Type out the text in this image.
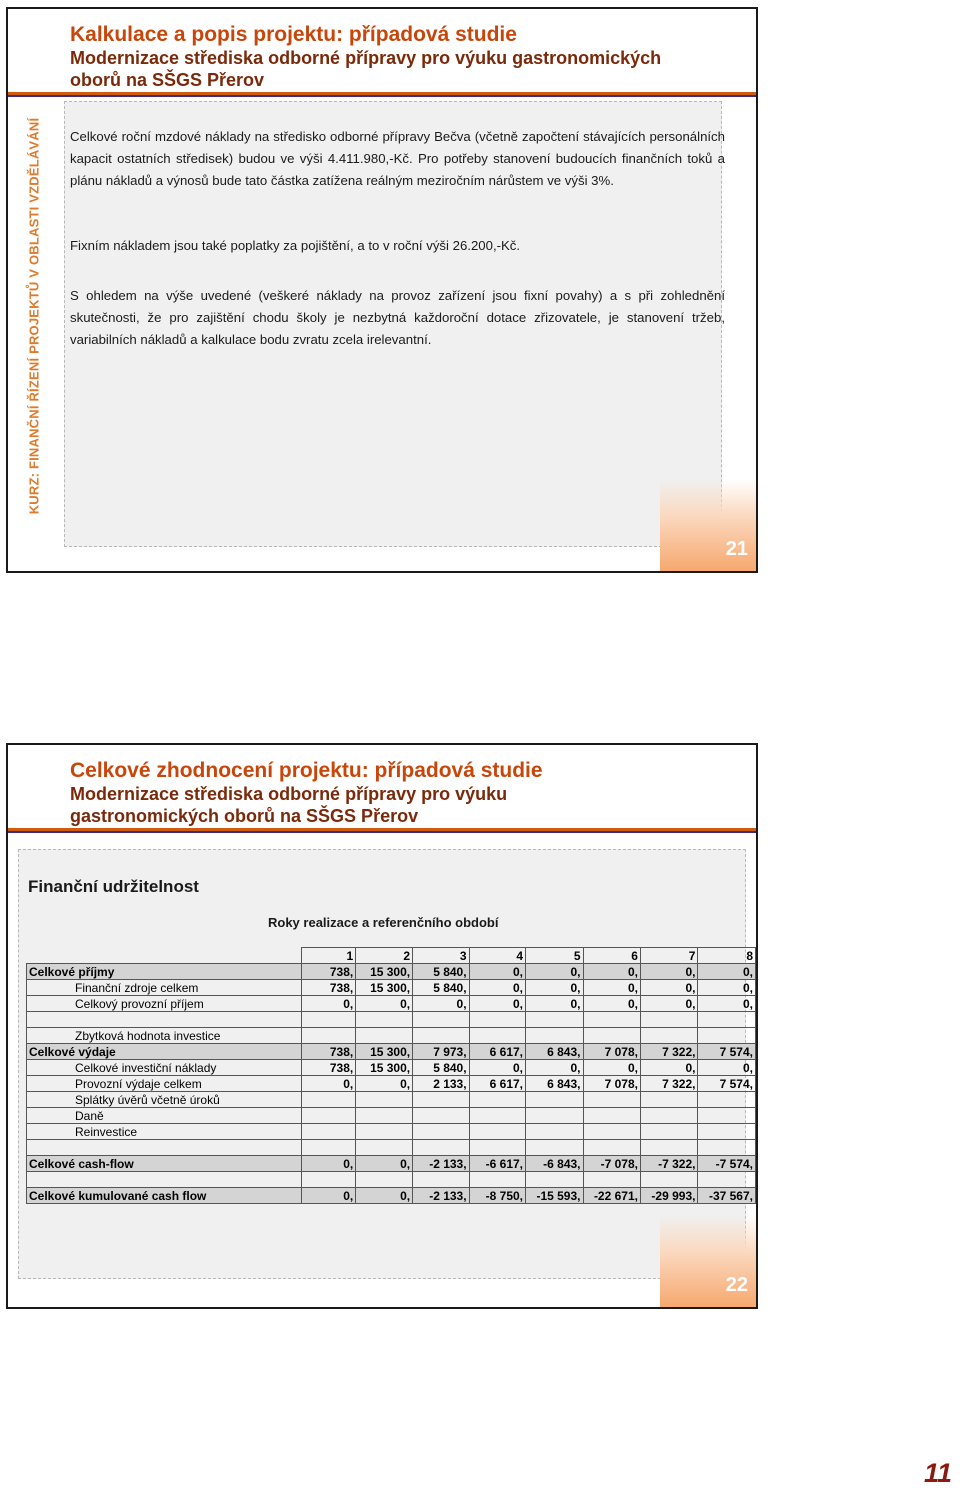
Kalkulace a popis projektu: případová studie
Modernizace střediska odborné přípravy pro výuku gastronomických
oborů na SŠGS Přerov
KURZ: FINANČNÍ ŘÍZENÍ PROJEKTŮ V OBLASTI VZDĚLÁVÁNÍ Celkové roční mzdové náklady na středisko odborné přípravy Bečva (včetně započtení stávajících personálních kapacit ostatních středisek) budou ve výši 4.411.980,-Kč. Pro potřeby stanovení budoucích finančních toků a plánu nákladů a výnosů bude tato částka zatížena reálným meziročním nárůstem ve výši 3%.
Fixním nákladem jsou také poplatky za pojištění, a to v roční výši 26.200,-Kč.
S ohledem na výše uvedené (veškeré náklady na provoz zařízení jsou fixní povahy) a s při zohlednění skutečnosti, že pro zajištění chodu školy je nezbytná každoroční dotace zřizovatele, je stanovení tržeb, variabilních nákladů a kalkulace bodu zvratu zcela irelevantní.
21
Celkové zhodnocení projektu: případová studie
Modernizace střediska odborné přípravy pro výuku
gastronomických oborů na SŠGS Přerov
Finanční udržitelnost
Roky realizace a referenčního období
	1	2	3	4	5	6	7	8
Celkové příjmy	738,	15 300,	5 840,	0,	0,	0,	0,	0,
Finanční zdroje celkem	738,	15 300,	5 840,	0,	0,	0,	0,	0,
Celkový provozní příjem	0,	0,	0,	0,	0,	0,	0,	0,

Zbytková hodnota investice								
Celkové výdaje	738,	15 300,	7 973,	6 617,	6 843,	7 078,	7 322,	7 574,
Celkové investiční náklady	738,	15 300,	5 840,	0,	0,	0,	0,	0,
Provozní výdaje celkem	0,	0,	2 133,	6 617,	6 843,	7 078,	7 322,	7 574,
Splátky úvěrů včetně úroků								
Daně								
Reinvestice								

Celkové cash-flow	0,	0,	-2 133,	-6 617,	-6 843,	-7 078,	-7 322,	-7 574,

Celkové kumulované cash flow	0,	0,	-2 133,	-8 750,	-15 593,	-22 671,	-29 993,	-37 567,
22
11
